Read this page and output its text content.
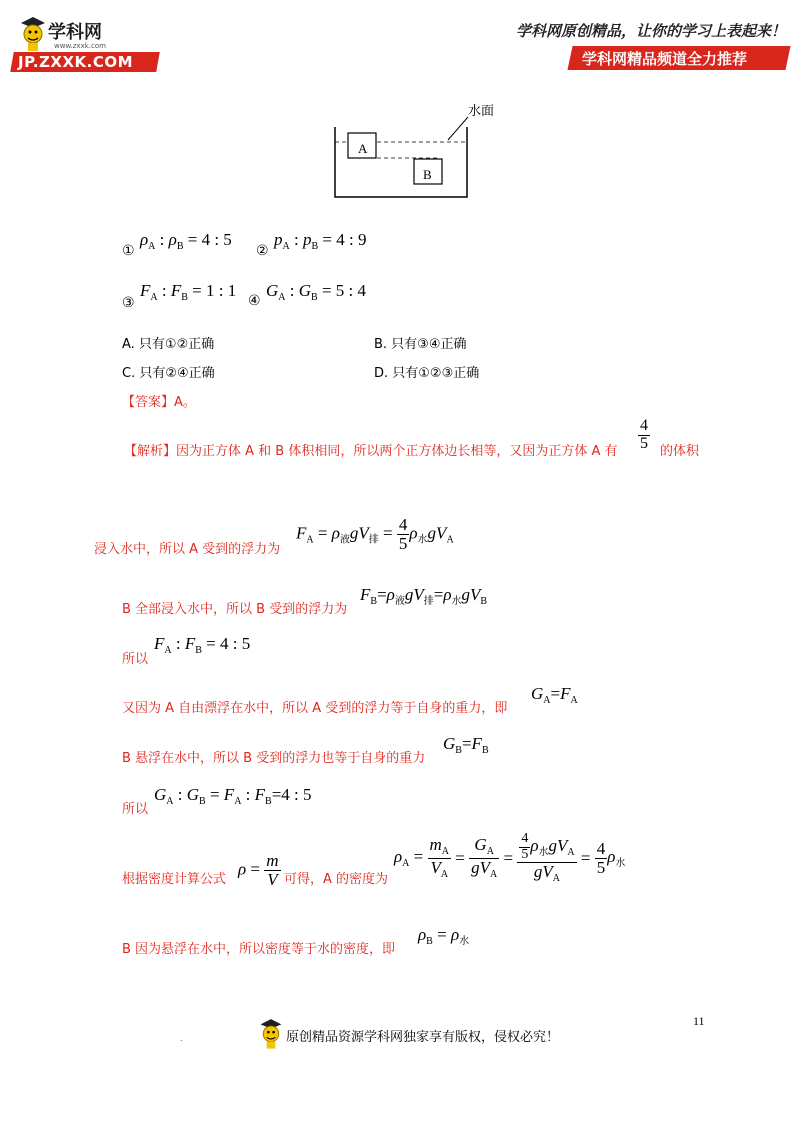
学科网
www.zxxk.com
JP.ZXXK.COM
学科网原创精品，让你的学习上表起来！
学科网精品频道全力推荐
水面
A
B
①
$\rho_A$ : $\rho_B = 4$ : 5
②
$p_A$ : $p_B = 4$ : 9
③
$F_A$ : $F_B = 1$ : 1
④
$G_A$ : $G_B = 5$ : 4
A. 只有①②正确	B. 只有③④正确
C. 只有②④正确	D. 只有①②③正确
【答案】A。
【解析】因为正方体 A 和 B 体积相同，所以两个正方体边长相等，又因为正方体 A 有 $\frac{4}{5}$ 的体积
浸入水中，所以 A 受到的浮力为
$F_A = \rho_液gV_排 = \frac{4}{5} \rho_水gV_A$
B 全部浸入水中，所以 B 受到的浮力为
$F_B=\rho_液gV_排=\rho_水gV_B$
所以
$F_A$ : $F_B = 4$ : 5
又因为 A 自由漂浮在水中，所以 A 受到的浮力等于自身的重力，即
$G_A=F_A$
B 悬浮在水中，所以 B 受到的浮力也等于自身的重力
$G_B=F_B$
所以
$G_A$ : $G_B = F_A$ : $F_B=4$ : 5
根据密度计算公式
$\rho = \frac{m}{V}$ 可得，A 的密度为
$\rho_A = \frac{m_A}{V_A} = \frac{G_A}{gV_A} = \frac{\frac{4}{5} \rho_水gV_A}{gV_A} = \frac{4}{5} \rho_水$
B 因为悬浮在水中，所以密度等于水的密度，即
$\rho_B = \rho_水$
11
.	原创精品资源学科网独家享有版权，侵权必究！
